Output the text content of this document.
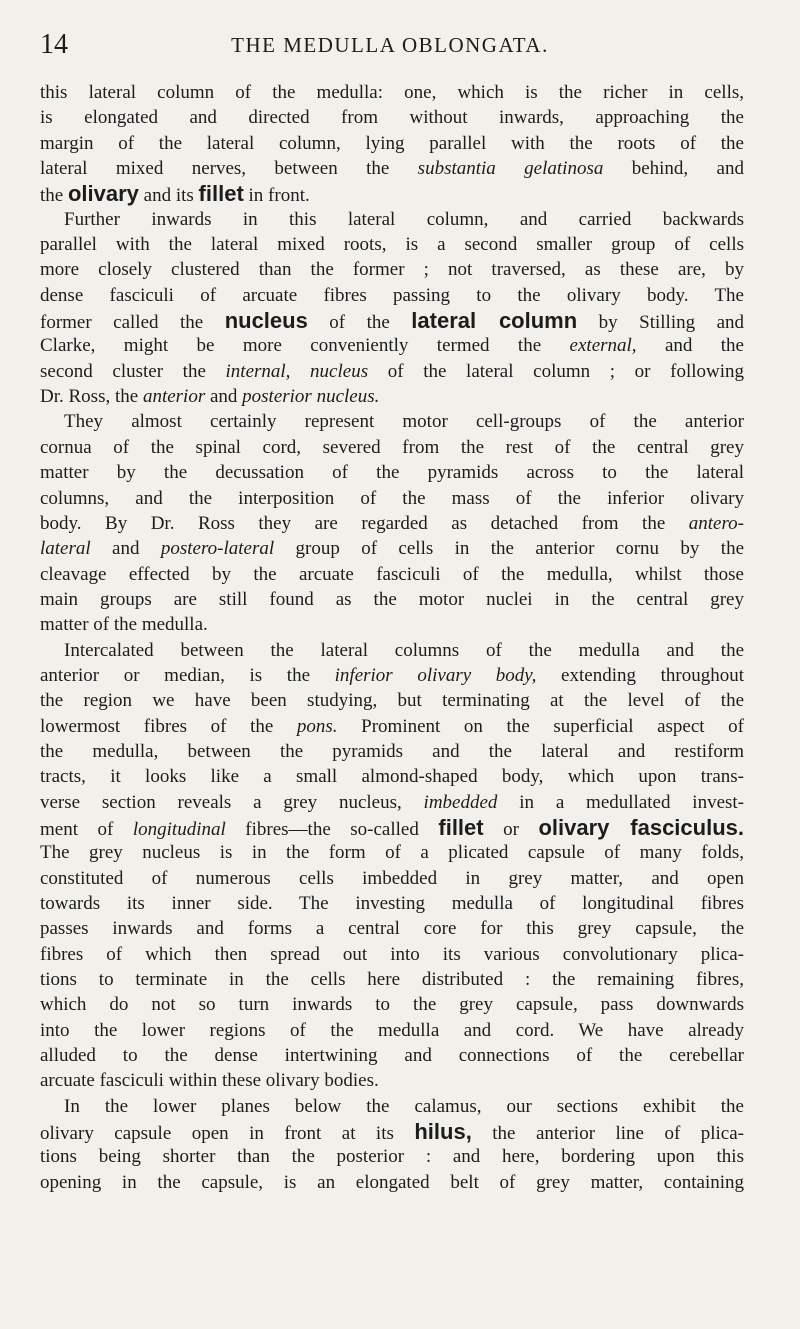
14	THE MEDULLA OBLONGATA.
this lateral column of the medulla: one, which is the richer in cells,
is elongated and directed from without inwards, approaching the
margin of the lateral column, lying parallel with the roots of the
lateral mixed nerves, between the substantia gelatinosa behind, and
the olivary and its fillet in front.
Further inwards in this lateral column, and carried backwards
parallel with the lateral mixed roots, is a second smaller group of cells
more closely clustered than the former ; not traversed, as these are, by
dense fasciculi of arcuate fibres passing to the olivary body. The
former called the nucleus of the lateral column by Stilling and
Clarke, might be more conveniently termed the external, and the
second cluster the internal, nucleus of the lateral column ; or following
Dr. Ross, the anterior and posterior nucleus.
They almost certainly represent motor cell-groups of the anterior
cornua of the spinal cord, severed from the rest of the central grey
matter by the decussation of the pyramids across to the lateral
columns, and the interposition of the mass of the inferior olivary
body. By Dr. Ross they are regarded as detached from the antero-
lateral and postero-lateral group of cells in the anterior cornu by the
cleavage effected by the arcuate fasciculi of the medulla, whilst those
main groups are still found as the motor nuclei in the central grey
matter of the medulla.
Intercalated between the lateral columns of the medulla and the
anterior or median, is the inferior olivary body, extending throughout
the region we have been studying, but terminating at the level of the
lowermost fibres of the pons. Prominent on the superficial aspect of
the medulla, between the pyramids and the lateral and restiform
tracts, it looks like a small almond-shaped body, which upon trans-
verse section reveals a grey nucleus, imbedded in a medullated invest-
ment of longitudinal fibres—the so-called fillet or olivary fasciculus.
The grey nucleus is in the form of a plicated capsule of many folds,
constituted of numerous cells imbedded in grey matter, and open
towards its inner side. The investing medulla of longitudinal fibres
passes inwards and forms a central core for this grey capsule, the
fibres of which then spread out into its various convolutionary plica-
tions to terminate in the cells here distributed : the remaining fibres,
which do not so turn inwards to the grey capsule, pass downwards
into the lower regions of the medulla and cord. We have already
alluded to the dense intertwining and connections of the cerebellar
arcuate fasciculi within these olivary bodies.
In the lower planes below the calamus, our sections exhibit the
olivary capsule open in front at its hilus, the anterior line of plica-
tions being shorter than the posterior : and here, bordering upon this
opening in the capsule, is an elongated belt of grey matter, containing
